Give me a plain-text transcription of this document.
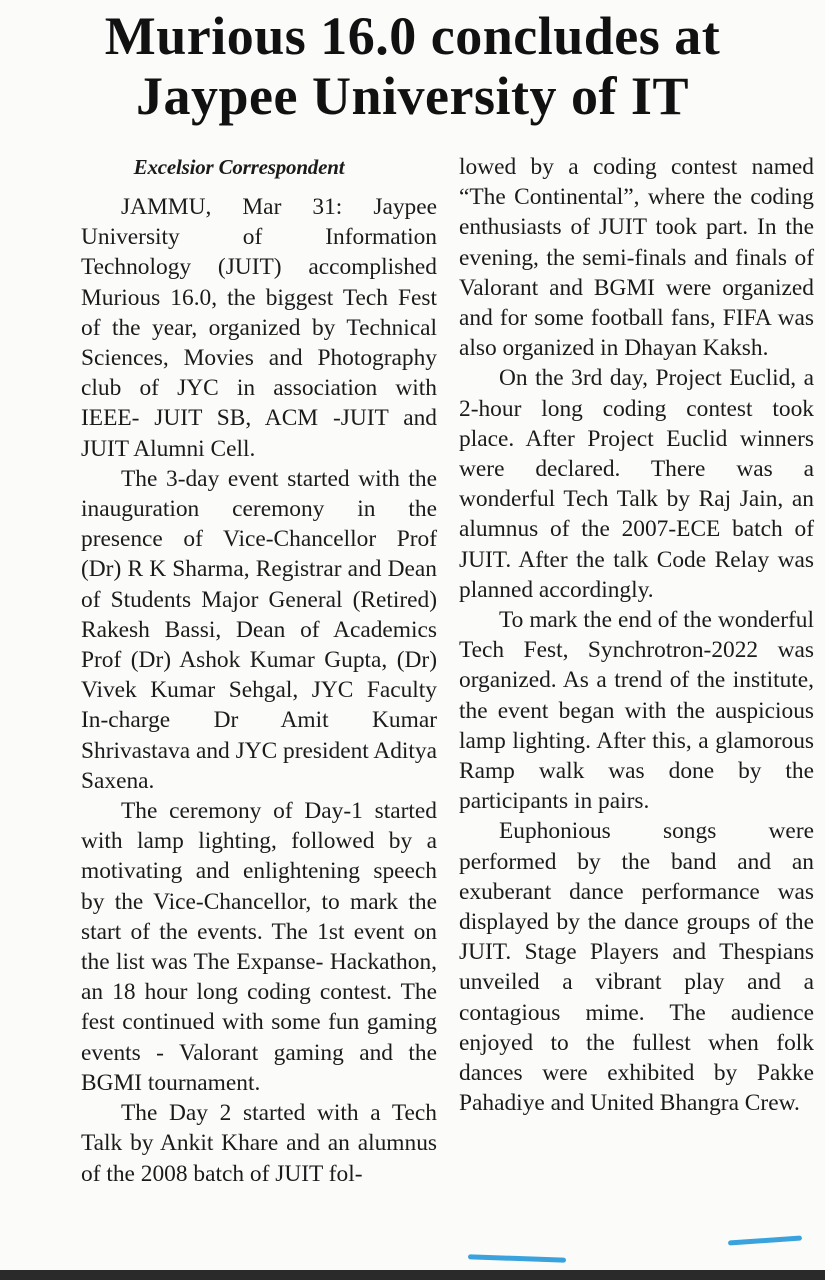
Murious 16.0 concludes at
Jaypee University of IT
Excelsior Correspondent

JAMMU, Mar 31: Jaypee University of Information Technology (JUIT) accomplished Murious 16.0, the biggest Tech Fest of the year, organized by Technical Sciences, Movies and Photography club of JYC in association with IEEE- JUIT SB, ACM -JUIT and JUIT Alumni Cell.

The 3-day event started with the inauguration ceremony in the presence of Vice-Chancellor Prof (Dr) R K Sharma, Registrar and Dean of Students Major General (Retired) Rakesh Bassi, Dean of Academics Prof (Dr) Ashok Kumar Gupta, (Dr) Vivek Kumar Sehgal, JYC Faculty In-charge Dr Amit Kumar Shrivastava and JYC president Aditya Saxena.

The ceremony of Day-1 started with lamp lighting, followed by a motivating and enlightening speech by the Vice-Chancellor, to mark the start of the events. The 1st event on the list was The Expanse- Hackathon, an 18 hour long coding contest. The fest continued with some fun gaming events - Valorant gaming and the BGMI tournament.

The Day 2 started with a Tech Talk by Ankit Khare and an alumnus of the 2008 batch of JUIT fol-

lowed by a coding contest named “The Continental”, where the coding enthusiasts of JUIT took part. In the evening, the semi-finals and finals of Valorant and BGMI were organized and for some football fans, FIFA was also organized in Dhayan Kaksh.

On the 3rd day, Project Euclid, a 2-hour long coding contest took place. After Project Euclid winners were declared. There was a wonderful Tech Talk by Raj Jain, an alumnus of the 2007-ECE batch of JUIT. After the talk Code Relay was planned accordingly.

To mark the end of the wonderful Tech Fest, Synchrotron-2022 was organized. As a trend of the institute, the event began with the auspicious lamp lighting. After this, a glamorous Ramp walk was done by the participants in pairs.

Euphonious songs were performed by the band and an exuberant dance performance was displayed by the dance groups of the JUIT. Stage Players and Thespians unveiled a vibrant play and a contagious mime. The audience enjoyed to the fullest when folk dances were exhibited by Pakke Pahadiye and United Bhangra Crew.
